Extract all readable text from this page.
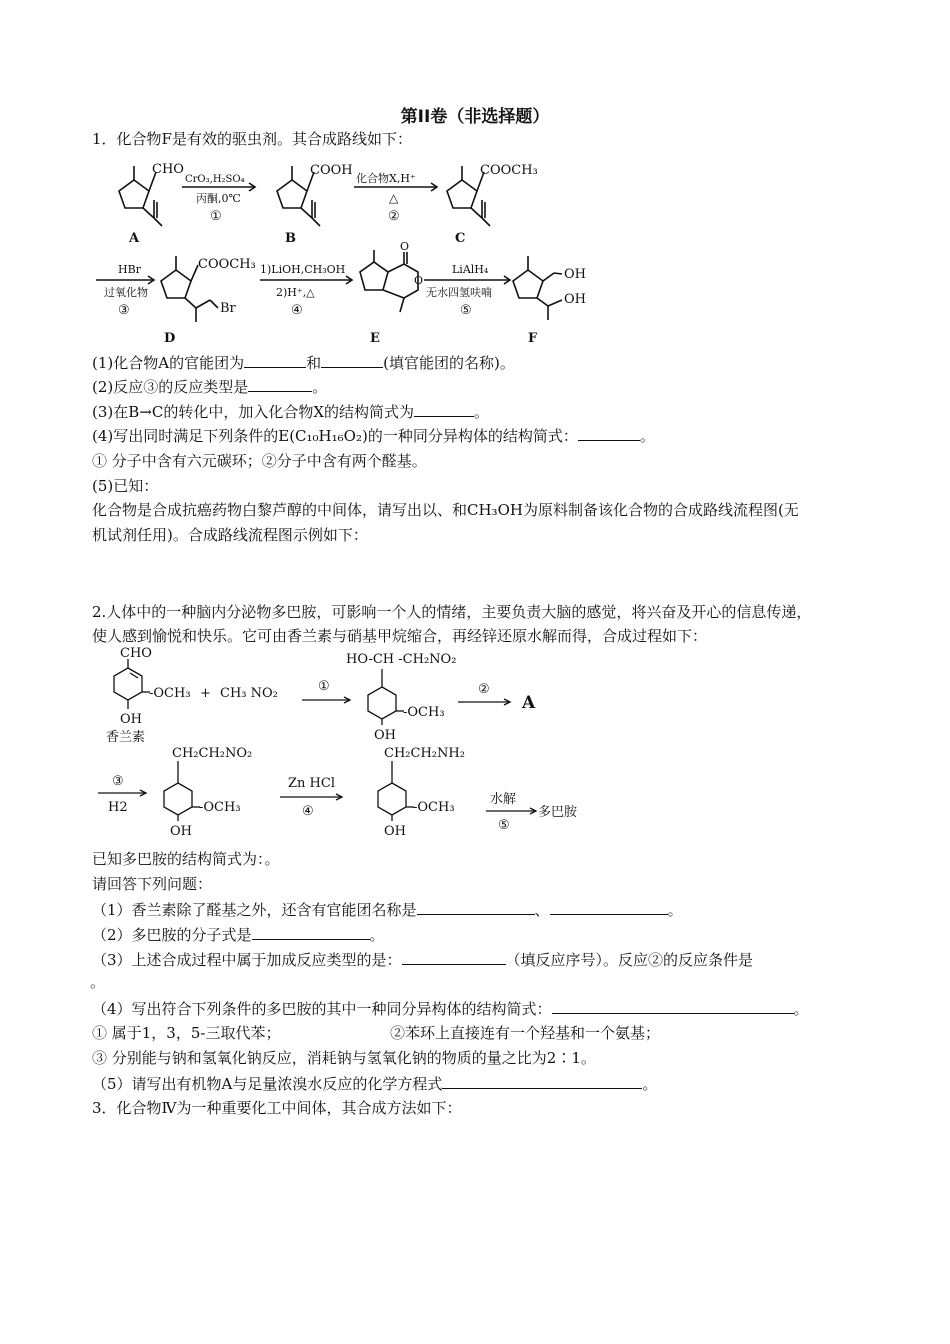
第II卷（非选择题）
1．化合物F是有效的驱虫剂。其合成路线如下：
CHO
A
CrO₃,H₂SO₄
丙酮,0℃
①
COOH
B
化合物X,H⁺
△
②
COOCH₃
C
HBr
过氧化物
③
COOCH₃
Br
D
1)LiOH,CH₃OH
2)H⁺,△
④
O
O
E
LiAlH₄
无水四氢呋喃
⑤
OH
OH
F
(1)化合物A的官能团为	和	(填官能团的名称)。
(2)反应③的反应类型是	。
(3)在B→C的转化中，加入化合物X的结构简式为	。
(4)写出同时满足下列条件的E(C₁₀H₁₆O₂)的一种同分异构体的结构简式：	。
① 分子中含有六元碳环；②分子中含有两个醛基。
(5)已知：
化合物是合成抗癌药物白黎芦醇的中间体，请写出以、和CH₃OH为原料制备该化合物的合成路线流程图(无
机试剂任用)。合成路线流程图示例如下：
2.人体中的一种脑内分泌物多巴胺，可影响一个人的情绪，主要负责大脑的感觉，将兴奋及开心的信息传递，
使人感到愉悦和快乐。它可由香兰素与硝基甲烷缩合，再经锌还原水解而得，合成过程如下：
CHO
-OCH₃
OH
香兰素
+ CH₃ NO₂	①
HO-CH -CH₂NO₂
-OCH₃
OH
②
A
③
H2
CH₂CH₂NO₂
-OCH₃
OH
Zn HCl
④
CH₂CH₂NH₂
-OCH₃
OH
水解
⑤
多巴胺
已知多巴胺的结构简式为：。
请回答下列问题：
（1）香兰素除了醛基之外，还含有官能团名称是	、	。
（2）多巴胺的分子式是	。
（3）上述合成过程中属于加成反应类型的是：	（填反应序号）。反应②的反应条件是
。
（4）写出符合下列条件的多巴胺的其中一种同分异构体的结构简式：	。
① 属于1，3，5-三取代苯；	②苯环上直接连有一个羟基和一个氨基；
③ 分别能与钠和氢氧化钠反应，消耗钠与氢氧化钠的物质的量之比为2∶1。
（5）请写出有机物A与足量浓溴水反应的化学方程式	。
3．化合物Ⅳ为一种重要化工中间体，其合成方法如下：
